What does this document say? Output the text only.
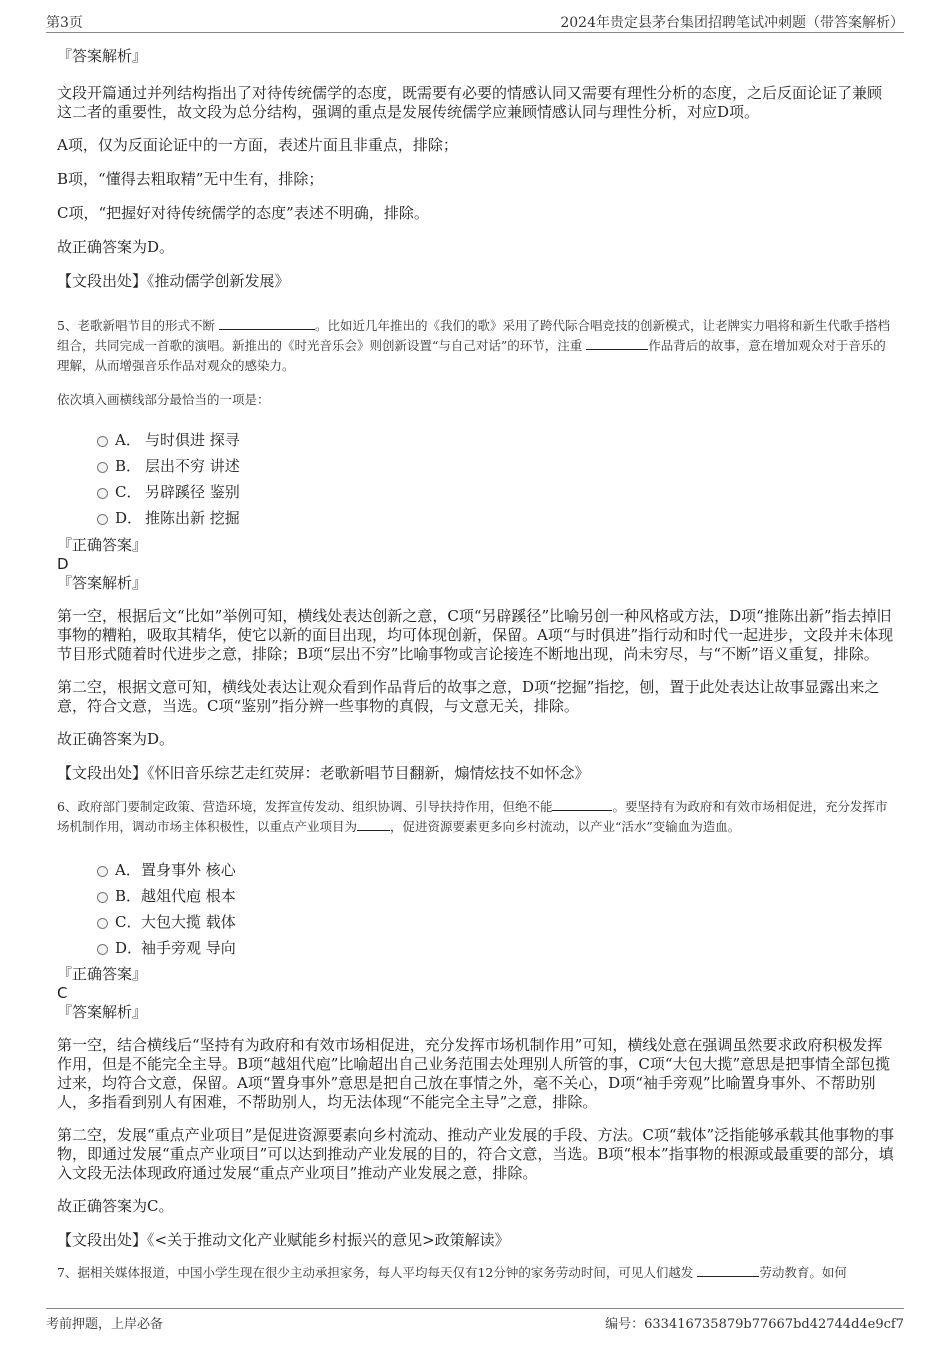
第3页	2024年贵定县茅台集团招聘笔试冲刺题（带答案解析）

『答案解析』

文段开篇通过并列结构指出了对待传统儒学的态度，既需要有必要的情感认同又需要有理性分析的态度，之后反面论证了兼顾这二者的重要性，故文段为总分结构，强调的重点是发展传统儒学应兼顾情感认同与理性分析，对应D项。

A项，仅为反面论证中的一方面，表述片面且非重点，排除；

B项，“懂得去粗取精”无中生有，排除；

C项，“把握好对待传统儒学的态度”表述不明确，排除。

故正确答案为D。

【文段出处】《推动儒学创新发展》

5、老歌新唱节目的形式不断	。比如近几年推出的《我们的歌》采用了跨代际合唱竞技的创新模式，让老牌实力唱将和新生代歌手搭档组合，共同完成一首歌的演唱。新推出的《时光音乐会》则创新设置“与自己对话”的环节，注重	作品背后的故事，意在增加观众对于音乐的理解，从而增强音乐作品对观众的感染力。

依次填入画横线部分最恰当的一项是：

A． 与时俱进 探寻
B． 层出不穷 讲述
C． 另辟蹊径 鉴别
D． 推陈出新 挖掘

『正确答案』

D

『答案解析』

第一空，根据后文“比如”举例可知，横线处表达创新之意，C项“另辟蹊径”比喻另创一种风格或方法，D项“推陈出新”指去掉旧事物的糟粕，吸取其精华，使它以新的面目出现，均可体现创新，保留。A项“与时俱进”指行动和时代一起进步，文段并未体现节目形式随着时代进步之意，排除；B项“层出不穷”比喻事物或言论接连不断地出现，尚未穷尽，与“不断”语义重复，排除。

第二空，根据文意可知，横线处表达让观众看到作品背后的故事之意，D项“挖掘”指挖，刨，置于此处表达让故事显露出来之意，符合文意，当选。C项“鉴别”指分辨一些事物的真假，与文意无关，排除。

故正确答案为D。

【文段出处】《怀旧音乐综艺走红荧屏：老歌新唱节目翻新，煽情炫技不如怀念》

6、政府部门要制定政策、营造环境，发挥宣传发动、组织协调、引导扶持作用，但绝不能	。要坚持有为政府和有效市场相促进，充分发挥市场机制作用，调动市场主体积极性，以重点产业项目为	，促进资源要素更多向乡村流动，以产业“活水”变输血为造血。

A． 置身事外 核心
B． 越俎代庖 根本
C． 大包大揽 载体
D．
袖手旁观 导向

『正确答案』

C

『答案解析』

第一空，结合横线后“坚持有为政府和有效市场相促进，充分发挥市场机制作用”可知，横线处意在强调虽然要求政府积极发挥作用，但是不能完全主导。B项“越俎代庖”比喻超出自己业务范围去处理别人所管的事，C项“大包大揽”意思是把事情全部包揽过来，均符合文意，保留。A项“置身事外”意思是把自己放在事情之外，毫不关心，D项“袖手旁观”比喻置身事外、不帮助别人，多指看到别人有困难，不帮助别人，均无法体现“不能完全主导”之意，排除。

第二空，发展“重点产业项目”是促进资源要素向乡村流动、推动产业发展的手段、方法。C项“载体”泛指能够承载其他事物的事物，即通过发展“重点产业项目”可以达到推动产业发展的目的，符合文意，当选。B项“根本”指事物的根源或最重要的部分，填入文段无法体现政府通过发展“重点产业项目”推动产业发展之意，排除。

故正确答案为C。

【文段出处】《<关于推动文化产业赋能乡村振兴的意见>政策解读》

7、据相关媒体报道，中国小学生现在很少主动承担家务，每人平均每天仅有12分钟的家务劳动时间，可见人们越发	劳动教育。如何

考前押题，上岸必备	编号：633416735879b77667bd42744d4e9cf7
